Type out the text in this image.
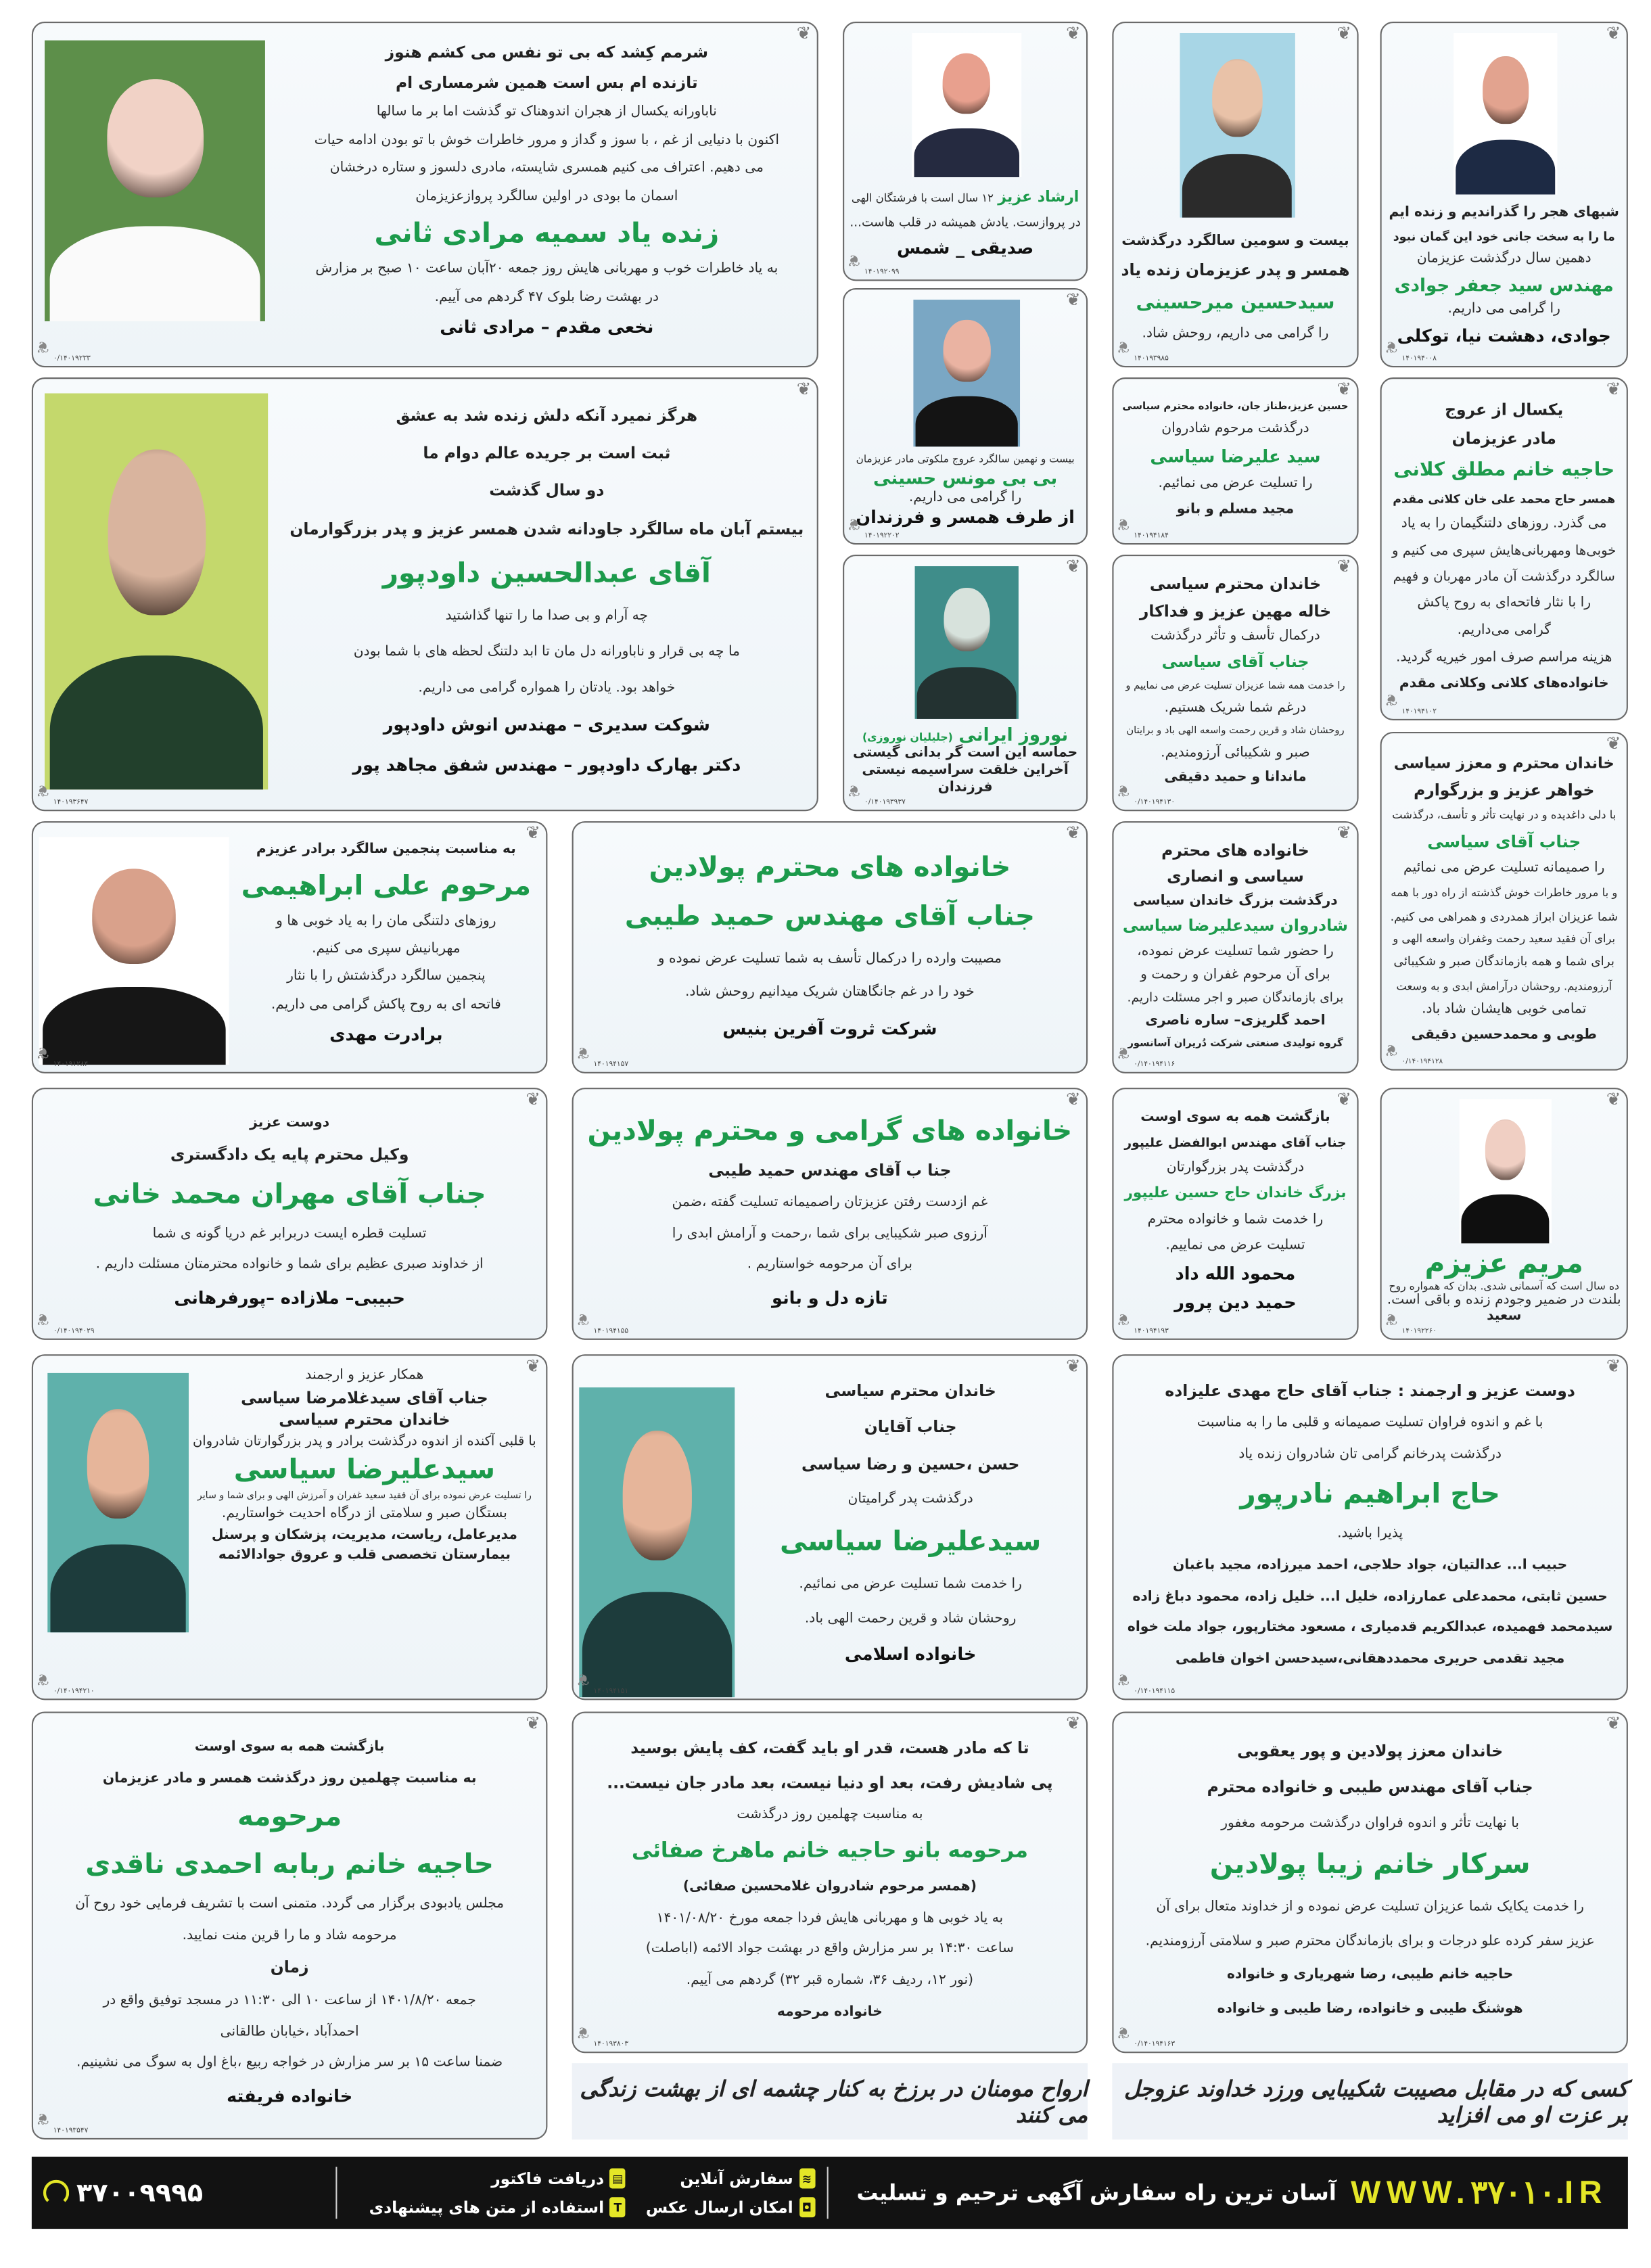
شرمم کِشد که بی تو نفس می کشم هنوز
تازنده ام بس است همین شرمساری ام
ناباورانه یکسال از هجران اندوهناک تو گذشت اما بر ما سالها
اکنون با دنیایی از غم ، با سوز و گداز و مرور خاطرات خوش با تو بودن ادامه حیات
می دهیم. اعتراف می کنیم همسری شایسته، مادری دلسوز و ستاره درخشان
اسمان ما بودی در اولین سالگرد پروازعزیزمان
زنده یاد سمیه مرادی ثانی
به یاد خاطرات خوب و مهربانی هایش روز جمعه ۲۰آبان ساعت ۱۰ صبح بر مزارش
در بهشت رضا بلوک ۴۷ گردهم می آییم.
نخعی مقدم – مرادی ثانی
۰/۱۴۰۱۹۲۳۳
❦
❦
ارشاد عزیز۱۲ سال است با فرشتگان الهی
در پروازست. یادش همیشه در قلب هاست...
صدیقی _ شمس
۱۴۰۱۹۲۰۹۹
❦
❦
بیست و نهمین سالگرد عروج ملکوتی مادر عزیزمان
بی بی مونس حسینی
را گرامی می داریم.
از طرف همسر و فرزندان
۱۴۰۱۹۲۲۰۲
❦
❦
نوروز ایرانی(جلیلیان نوروزی)
حماسه این است گر بدانی گیستی
آخراین خلقت سراسیمه نیستی
فرزندان
۰/۱۴۰۱۹۳۹۳۷
❦
❦
بیست و سومین سالگرد درگذشت
همسر و پدر عزیزمان زنده یاد
سیدحسین میرحسینی
را گرامی می داریم، روحش شاد.
۱۴۰۱۹۳۹۸۵
❦
❦
شبهای هجر را گذراندیم و زنده ایم
ما را به سخت جانی خود این گمان نبود
دهمین سال درگذشت عزیزمان
مهندس سید جعفر جوادی
را گرامی می داریم.
جوادی، دهشت نیا، توکلی
۱۴۰۱۹۴۰۰۸
❦
❦
هرگز نمیرد آنکه دلش زنده شد به عشق
ثبت است بر جریده عالم دوام ما
دو سال گذشت
بیستم آبان ماه سالگرد جاودانه شدن همسر عزیز و پدر بزرگوارمان
آقای عبدالحسین داودپور
چه آرام و بی صدا ما را تنها گذاشتید
ما چه بی قرار و ناباورانه دل مان تا ابد دلتنگ لحظه های با شما بودن
خواهد بود. یادتان را همواره گرامی می داریم.
شوکت سدیری – مهندس انوش داودپور
دکتر بهارک داودپور – مهندس شفق مجاهد پور
۱۴۰۱۹۳۶۴۷
❦
❦
حسین عزیز،طناز جان، خانواده محترم سیاسی
درگذشت مرحوم شادروان
سید علیرضا سیاسی
را تسلیت عرض می نمائیم.
مجید مسلم و بانو
۱۴۰۱۹۴۱۸۴
❦
❦
یکسال از عروج
مادر عزیزمان
حاجیه خانم مطلق کلانی
همسر حاج محمد علی خان کلانی مقدم
می گذرد. روزهای دلتنگیمان را به یاد
خوبی‌ها ومهربانی‌هایش سپری می کنیم و
سالگرد درگذشت آن مادر مهربان و فهیم
را با نثار فاتحه‌ای به روح پاکش
گرامی می‌داریم.
هزینه مراسم صرف امور خیریه گردید.
خانواده‌های کلانی وکلانی مقدم
۱۴۰۱۹۴۱۰۲
❦
❦
خاندان محترم سیاسی
خاله مهین عزیز و فداکار
درکمال تأسف و تأثر درگذشت
جناب آقای سیاسی
را خدمت همه شما عزیزان تسلیت عرض می نماییم و
درغم شما شریک هستیم.
روحشان شاد و قرین رحمت واسعه الهی باد و برایتان
صبر و شکیبائی آرزومندیم.
ماندانا و حمید دقیقی
۰/۱۴۰۱۹۴۱۳۰
❦
❦
خاندان محترم و معزز سیاسی
خواهر عزیز و بزرگوارم
با دلی داغدیده و در نهایت تأثر و تأسف، درگذشت
جناب آقای سیاسی
را صمیمانه تسلیت عرض می نمائیم
و با مرور خاطرات خوش گذشته از راه دور با همه
شما عزیزان ابراز همدردی و همراهی می کنیم.
برای آن فقید سعید رحمت وغفران واسعه الهی و
برای شما و همه بازماندگان صبر و شکیبائی
آرزومندیم. روحشان درآرامش ابدی و به وسعت
تمامی خوبی هایشان شاد باد.
طوبی و محمدحسین دقیقی
۰/۱۴۰۱۹۴۱۲۸
❦
❦
به مناسبت پنجمین سالگرد برادر عزیزم
مرحوم علی ابراهیمی
روزهای دلتنگی مان را به یاد خوبی ها و
مهربانیش سپری می کنیم.
پنجمین سالگرد درگذشتش را با نثار
فاتحه ای به روح پاکش گرامی می داریم.
برادرت مهدی
۱۴۰۱۹۱۲۸۴
❦
❦
خانواده های محترم پولادین
جناب آقای مهندس حمید طیبی
مصیبت وارده را درکمال تأسف به شما تسلیت عرض نموده و
خود را در غم جانگاهتان شریک میدانیم روحش شاد.
شرکت ثروت آفرین بنیس
۱۴۰۱۹۴۱۵۷
❦
❦
خانواده های محترم
سیاسی و انصاری
درگذشت بزرگ خاندان سیاسی
شادروان سیدعلیرضا سیاسی
را حضور شما تسلیت عرض نموده،
برای آن مرحوم غفران و رحمت و
برای بازماندگان صبر و اجر مسئلت داریم.
احمد گلریزی– ساره ناصری
گروه تولیدی صنعتی شرکت دُریران آسانسور
۰/۱۴۰۱۹۴۱۱۶
❦
❦
دوست عزیز
وکیل محترم پایه یک دادگستری
جناب آقای مهران محمد خانی
تسلیت قطره ایست دربرابر غم دریا گونه ی شما
از خداوند صبری عظیم برای شما و خانواده محترمتان مسئلت داریم .
حبیبی– ملازاده –پورفرهانی
۰/۱۴۰۱۹۴۰۲۹
❦
❦
خانواده های گرامی و محترم پولادین
جنا ب آقای مهندس حمید طیبی
غم ازدست رفتن عزیزتان راصمیمانه تسلیت گفته ،ضمن
آرزوی صبر شکیبایی برای شما ،رحمت و آرامش ابدی را
برای آن مرحومه خواستاریم .
تازه دل و بانو
۱۴۰۱۹۴۱۵۵
❦
❦
بازگشت همه به سوی اوست
جناب آقای مهندس ابوالفضل علیپور
درگذشت پدر بزرگوارتان
بزرگ خاندان حاج حسین علیپور
را خدمت شما و خانواده محترم
تسلیت عرض می نماییم.
محمود الله داد
حمید دین پرور
۱۴۰۱۹۴۱۹۳
❦
❦
مریم عزیزم
ده سال است که آسمانی شدی. بدان که همواره روح
بلندت در ضمیر وجودم زنده و باقی است.
سعید
۱۴۰۱۹۲۲۶۰
❦
❦
همکار عزیز و ارجمند
جناب آقای سیدغلامرضا سیاسی
خاندان محترم سیاسی
با قلبی آکنده از اندوه درگذشت برادر و پدر بزرگوارتان شادروان
سیدعلیرضا سیاسی
را تسلیت عرض نموده برای آن فقید سعید غفران و آمرزش الهی و برای شما و سایر
بستگان صبر و سلامتی از درگاه احدیت خواستاریم.
مدیرعامل، ریاست، مدیریت، پزشکان و پرسنل
بیمارستان تخصصی قلب و عروق جوادالائمه
۰/۱۴۰۱۹۴۲۱۰
❦
❦
خاندان محترم سیاسی
جناب آقایان
حسن ،حسین و رضا سیاسی
درگذشت پدر گرامیتان
سیدعلیرضا سیاسی
را خدمت شما تسلیت عرض می نمائیم.
روحشان شاد و قرین رحمت الهی باد.
خانواده اسلامی
۱۴۰۱۹۴۱۵۱
❦
❦
دوست عزیز و ارجمند : جناب آقای حاج مهدی علیزاده
با غم و اندوه فراوان تسلیت صمیمانه و قلبی ما را به مناسبت
درگذشت پدرخانم گرامی تان شادروان زنده یاد
حاج ابراهیم نادرپور
پذیرا باشید.
حبیب ا... عدالتیان، جواد حلاجی، احمد میرزاده، مجید باغبان
حسین ثابتی، محمدعلی عمارزاده، خلیل ا... خلیل زاده، محمود دباغ زاده
سیدمحمد فهمیده، عبدالکریم قدمیاری ، مسعود مختارپور، جواد ملت خواه
مجید تقدمی حریری محمددهقانی،سیدحسن اخوان فاطمی
۰/۱۴۰۱۹۴۱۱۵
❦
❦
بازگشت همه به سوی اوست
به مناسبت چهلمین روز درگذشت همسر و مادر عزیزمان
مرحومه
حاجیه خانم ربابه احمدی ناقدی
مجلس یادبودی برگزار می گردد. متمنی است با تشریف فرمایی خود روح آن
مرحومه شاد و ما را قرین منت نمایید.
زمان
جمعه ۱۴۰۱/۸/۲۰ از ساعت ۱۰ الی ۱۱:۳۰ در مسجد توفیق واقع در
احمدآباد ،خیابان طالقانی
ضمنا ساعت ۱۵ بر سر مزارش در خواجه ربیع ،باغ اول به سوگ می نشینیم.
خانواده فریفته
۱۴۰۱۹۳۵۴۷
❦
❦
تا که مادر هست، قدر او باید گفت، کف پایش بوسید
پی شادیش رفت، بعد او دنیا نیست، بعد مادر جان نیست...
به مناسبت چهلمین روز درگذشت
مرحومه بانو حاجیه خانم ماهرخ صفائی
(همسر مرحوم شادروان غلامحسین صفائی)
به یاد خوبی ها و مهربانی هایش فردا جمعه مورخ ۱۴۰۱/۰۸/۲۰
ساعت ۱۴:۳۰ بر سر مزارش واقع در بهشت جواد الائمه (اباصلت)
(نور ۱۲، ردیف ۳۶، شماره قبر ۳۲) گردهم می آییم.
خانواده مرحومه
۱۴۰۱۹۳۸۰۳
❦
❦
خاندان معزز پولادین و پور یعقوبی
جناب آقای مهندس طیبی و خانواده محترم
با نهایت تأثر و اندوه فراوان درگذشت مرحومه مغفور
سرکار خانم زیبا پولادین
را خدمت یکایک شما عزیزان تسلیت عرض نموده و از خداوند متعال برای آن
عزیز سفر کرده علو درجات و برای بازماندگان محترم صبر و سلامتی آرزومندیم.
حاجیه خانم طیبی، رضا شهریاری و خانواده
هوشنگ طیبی و خانواده، رضا طیبی و خانواده
۰/۱۴۰۱۹۴۱۶۳
❦
❦
ارواح مومنان در برزخ به کنار چشمه ای از بهشت زندگی می کنند
کسی که در مقابل مصیبت شکیبایی ورزد خداوند عزوجل بر عزت او می افزاید
WWW.۳۷۰۱۰.IR
آسان ترین راه سفارش آگهی ترحیم و تسلیت
≋
سفارش آنلاین
◘
امکان ارسال عکس
▤
دریافت فاکتور
T
استفاده از متن های پیشنهادی
۳۷۰۰۹۹۹۵
